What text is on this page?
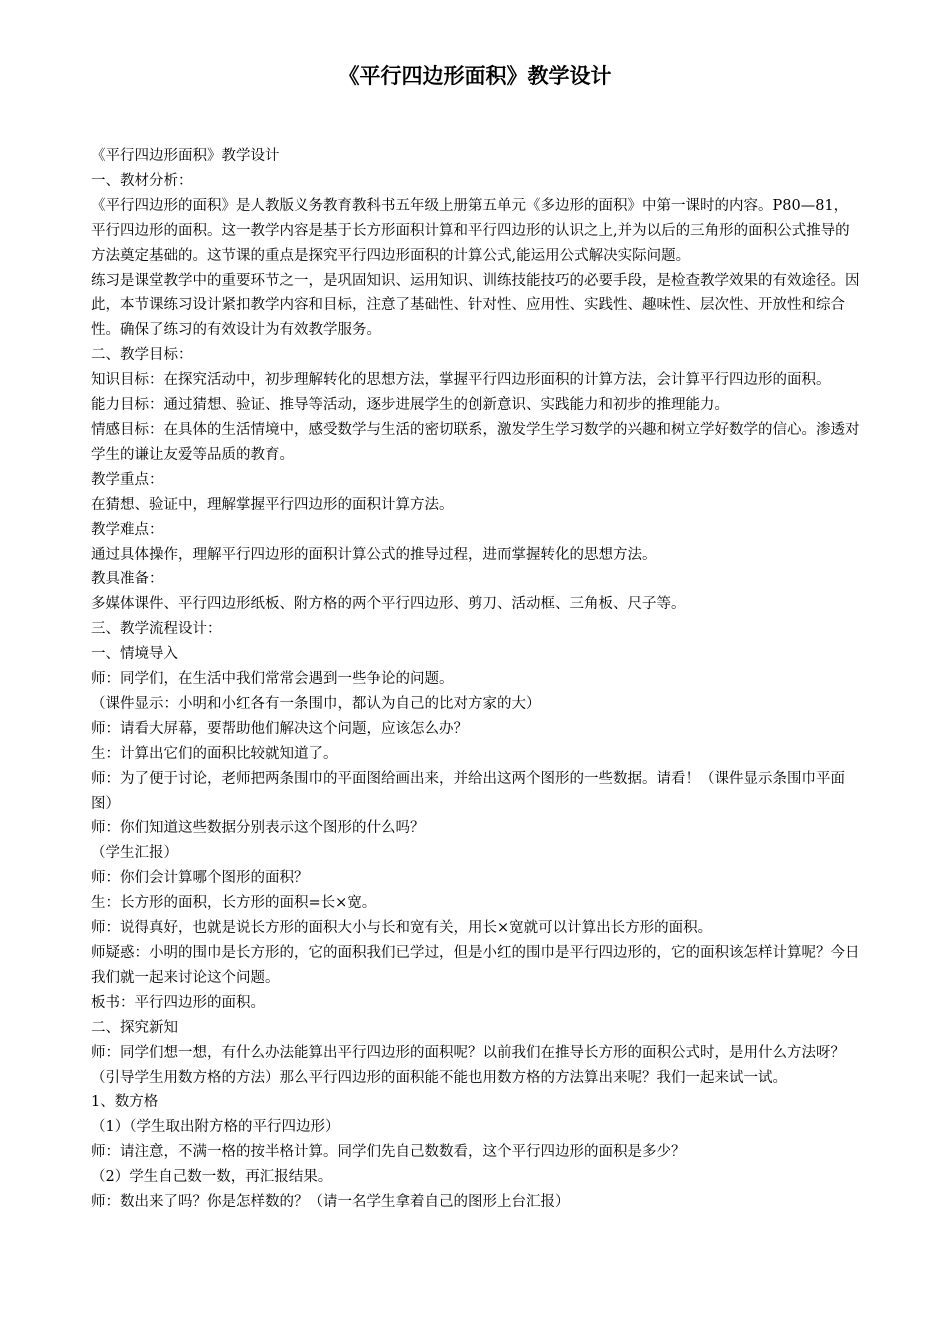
《平行四边形面积》教学设计

《平行四边形面积》教学设计

一、教材分析：

《平行四边形的面积》是人教版义务教育教科书五年级上册第五单元《多边形的面积》中第一课时的内容。P80—81，平行四边形的面积。这一教学内容是基于长方形面积计算和平行四边形的认识之上,并为以后的三角形的面积公式推导的方法奠定基础的。这节课的重点是探究平行四边形面积的计算公式,能运用公式解决实际问题。

练习是课堂教学中的重要环节之一，是巩固知识、运用知识、训练技能技巧的必要手段，是检查教学效果的有效途径。因此，本节课练习设计紧扣教学内容和目标，注意了基础性、针对性、应用性、实践性、趣味性、层次性、开放性和综合性。确保了练习的有效设计为有效教学服务。

二、教学目标：

知识目标：在探究活动中，初步理解转化的思想方法，掌握平行四边形面积的计算方法，会计算平行四边形的面积。

能力目标：通过猜想、验证、推导等活动，逐步进展学生的创新意识、实践能力和初步的推理能力。

情感目标：在具体的生活情境中，感受数学与生活的密切联系，激发学生学习数学的兴趣和树立学好数学的信心。渗透对学生的谦让友爱等品质的教育。

教学重点：

在猜想、验证中，理解掌握平行四边形的面积计算方法。

教学难点：

通过具体操作，理解平行四边形的面积计算公式的推导过程，进而掌握转化的思想方法。

教具准备：

多媒体课件、平行四边形纸板、附方格的两个平行四边形、剪刀、活动框、三角板、尺子等。

三、教学流程设计：

一、情境导入

师：同学们，在生活中我们常常会遇到一些争论的问题。

（课件显示：小明和小红各有一条围巾，都认为自己的比对方家的大）

师：请看大屏幕，要帮助他们解决这个问题，应该怎么办？

生：计算出它们的面积比较就知道了。

师：为了便于讨论，老师把两条围巾的平面图给画出来，并给出这两个图形的一些数据。请看！（课件显示条围巾平面图）

师：你们知道这些数据分别表示这个图形的什么吗？

（学生汇报）

师：你们会计算哪个图形的面积？

生：长方形的面积，长方形的面积=长×宽。

师：说得真好，也就是说长方形的面积大小与长和宽有关，用长×宽就可以计算出长方形的面积。

师疑惑：小明的围巾是长方形的，它的面积我们已学过，但是小红的围巾是平行四边形的，它的面积该怎样计算呢？今日我们就一起来讨论这个问题。

板书：平行四边形的面积。

二、探究新知

师：同学们想一想，有什么办法能算出平行四边形的面积呢？以前我们在推导长方形的面积公式时，是用什么方法呀？（引导学生用数方格的方法）那么平行四边形的面积能不能也用数方格的方法算出来呢？我们一起来试一试。

1、数方格

（1）（学生取出附方格的平行四边形）

师：请注意，不满一格的按半格计算。同学们先自己数数看，这个平行四边形的面积是多少？

（2）学生自己数一数，再汇报结果。

师：数出来了吗？你是怎样数的？（请一名学生拿着自己的图形上台汇报）
